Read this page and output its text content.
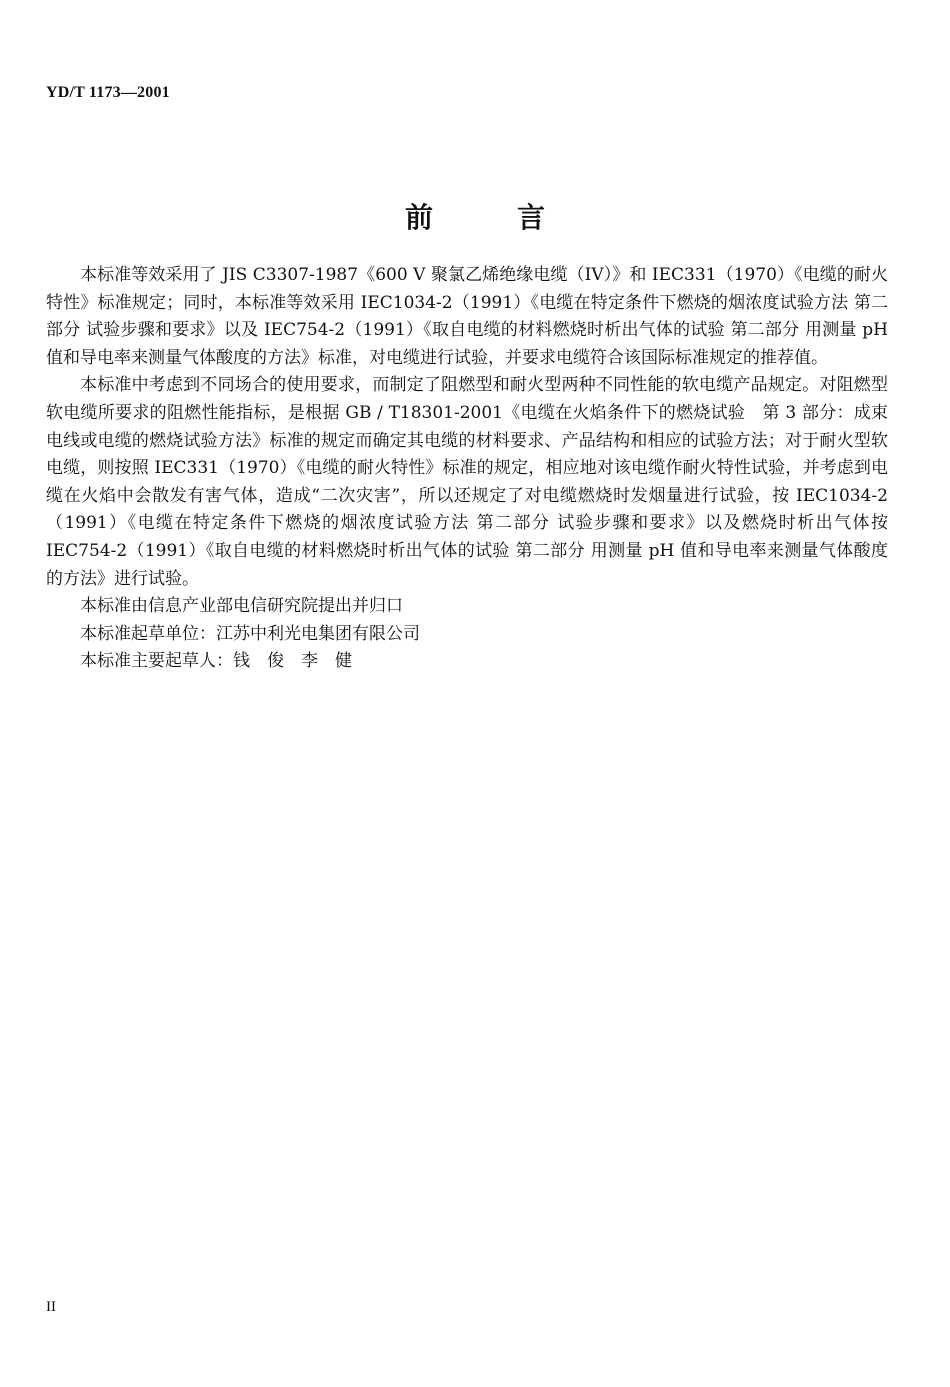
YD/T 1173—2001
前	言

本标准等效采用了 JIS C3307-1987《600 V 聚氯乙烯绝缘电缆（IV）》和 IEC331（1970）《电缆的耐火特性》标准规定；同时，本标准等效采用 IEC1034-2（1991）《电缆在特定条件下燃烧的烟浓度试验方法 第二部分 试验步骤和要求》以及 IEC754-2（1991）《取自电缆的材料燃烧时析出气体的试验 第二部分 用测量 pH 值和导电率来测量气体酸度的方法》标准，对电缆进行试验，并要求电缆符合该国际标准规定的推荐值。

本标准中考虑到不同场合的使用要求，而制定了阻燃型和耐火型两种不同性能的软电缆产品规定。对阻燃型软电缆所要求的阻燃性能指标，是根据 GB / T18301-2001《电缆在火焰条件下的燃烧试验　第 3 部分：成束电线或电缆的燃烧试验方法》标准的规定而确定其电缆的材料要求、产品结构和相应的试验方法；对于耐火型软电缆，则按照 IEC331（1970）《电缆的耐火特性》标准的规定，相应地对该电缆作耐火特性试验，并考虑到电缆在火焰中会散发有害气体，造成“二次灾害”，所以还规定了对电缆燃烧时发烟量进行试验，按 IEC1034-2（1991）《电缆在特定条件下燃烧的烟浓度试验方法 第二部分 试验步骤和要求》以及燃烧时析出气体按 IEC754-2（1991）《取自电缆的材料燃烧时析出气体的试验 第二部分 用测量 pH 值和导电率来测量气体酸度的方法》进行试验。

本标准由信息产业部电信研究院提出并归口

本标准起草单位：江苏中利光电集团有限公司

本标准主要起草人：钱　俊　李　健

II
